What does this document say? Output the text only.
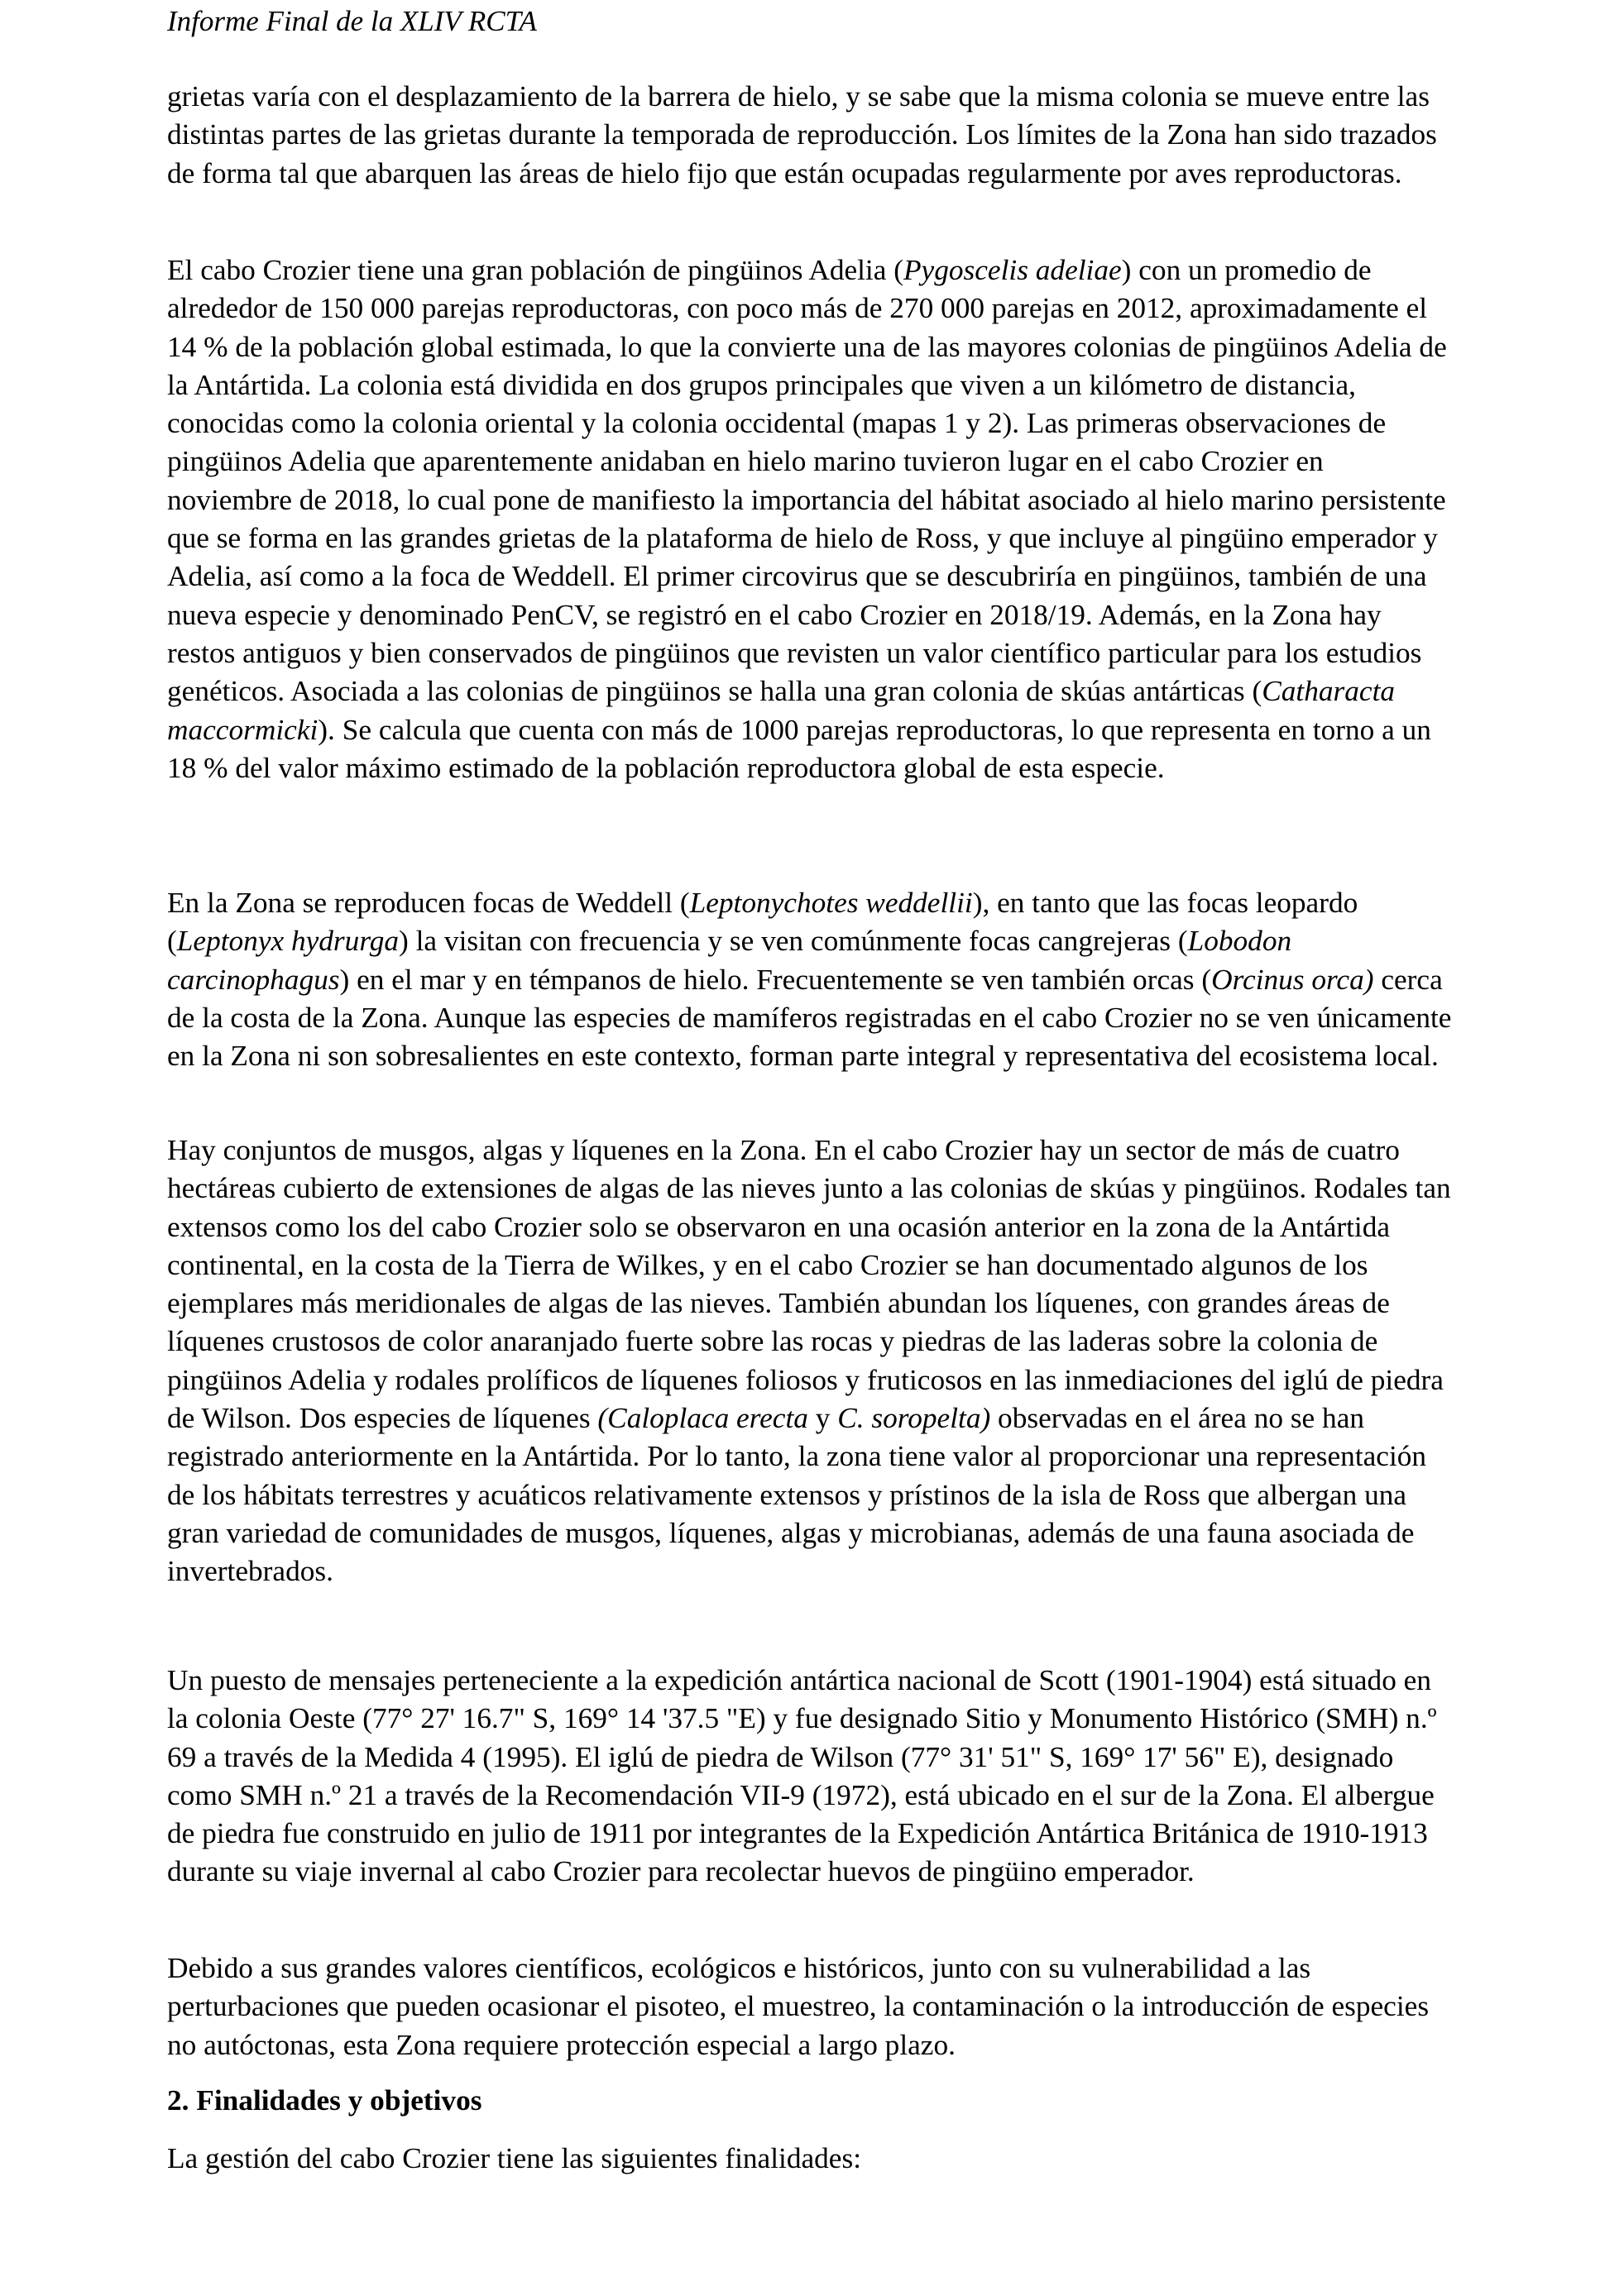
Informe Final de la XLIV RCTA

grietas varía con el desplazamiento de la barrera de hielo, y se sabe que la misma colonia se mueve entre las distintas partes de las grietas durante la temporada de reproducción. Los límites de la Zona han sido trazados de forma tal que abarquen las áreas de hielo fijo que están ocupadas regularmente por aves reproductoras.

El cabo Crozier tiene una gran población de pingüinos Adelia (Pygoscelis adeliae) con un promedio de alrededor de 150 000 parejas reproductoras, con poco más de 270 000 parejas en 2012, aproximadamente el 14 % de la población global estimada, lo que la convierte una de las mayores colonias de pingüinos Adelia de la Antártida. La colonia está dividida en dos grupos principales que viven a un kilómetro de distancia, conocidas como la colonia oriental y la colonia occidental (mapas 1 y 2). Las primeras observaciones de pingüinos Adelia que aparentemente anidaban en hielo marino tuvieron lugar en el cabo Crozier en noviembre de 2018, lo cual pone de manifiesto la importancia del hábitat asociado al hielo marino persistente que se forma en las grandes grietas de la plataforma de hielo de Ross, y que incluye al pingüino emperador y Adelia, así como a la foca de Weddell. El primer circovirus que se descubriría en pingüinos, también de una nueva especie y denominado PenCV, se registró en el cabo Crozier en 2018/19. Además, en la Zona hay restos antiguos y bien conservados de pingüinos que revisten un valor científico particular para los estudios genéticos. Asociada a las colonias de pingüinos se halla una gran colonia de skúas antárticas (Catharacta maccormicki). Se calcula que cuenta con más de 1000 parejas reproductoras, lo que representa en torno a un 18 % del valor máximo estimado de la población reproductora global de esta especie.

En la Zona se reproducen focas de Weddell (Leptonychotes weddellii), en tanto que las focas leopardo (Leptonyx hydrurga) la visitan con frecuencia y se ven comúnmente focas cangrejeras (Lobodon carcinophagus) en el mar y en témpanos de hielo. Frecuentemente se ven también orcas (Orcinus orca) cerca de la costa de la Zona. Aunque las especies de mamíferos registradas en el cabo Crozier no se ven únicamente en la Zona ni son sobresalientes en este contexto, forman parte integral y representativa del ecosistema local.

Hay conjuntos de musgos, algas y líquenes en la Zona. En el cabo Crozier hay un sector de más de cuatro hectáreas cubierto de extensiones de algas de las nieves junto a las colonias de skúas y pingüinos. Rodales tan extensos como los del cabo Crozier solo se observaron en una ocasión anterior en la zona de la Antártida continental, en la costa de la Tierra de Wilkes, y en el cabo Crozier se han documentado algunos de los ejemplares más meridionales de algas de las nieves. También abundan los líquenes, con grandes áreas de líquenes crustosos de color anaranjado fuerte sobre las rocas y piedras de las laderas sobre la colonia de pingüinos Adelia y rodales prolíficos de líquenes foliosos y fruticosos en las inmediaciones del iglú de piedra de Wilson. Dos especies de líquenes (Caloplaca erecta y C. soropelta) observadas en el área no se han registrado anteriormente en la Antártida. Por lo tanto, la zona tiene valor al proporcionar una representación de los hábitats terrestres y acuáticos relativamente extensos y prístinos de la isla de Ross que albergan una gran variedad de comunidades de musgos, líquenes, algas y microbianas, además de una fauna asociada de invertebrados.

Un puesto de mensajes perteneciente a la expedición antártica nacional de Scott (1901-1904) está situado en la colonia Oeste (77° 27' 16.7" S, 169° 14 '37.5 "E) y fue designado Sitio y Monumento Histórico (SMH) n.º 69 a través de la Medida 4 (1995). El iglú de piedra de Wilson (77° 31' 51" S, 169° 17' 56" E), designado como SMH n.º 21 a través de la Recomendación VII-9 (1972), está ubicado en el sur de la Zona. El albergue de piedra fue construido en julio de 1911 por integrantes de la Expedición Antártica Británica de 1910-1913 durante su viaje invernal al cabo Crozier para recolectar huevos de pingüino emperador.

Debido a sus grandes valores científicos, ecológicos e históricos, junto con su vulnerabilidad a las perturbaciones que pueden ocasionar el pisoteo, el muestreo, la contaminación o la introducción de especies no autóctonas, esta Zona requiere protección especial a largo plazo.

2. Finalidades y objetivos

La gestión del cabo Crozier tiene las siguientes finalidades:
